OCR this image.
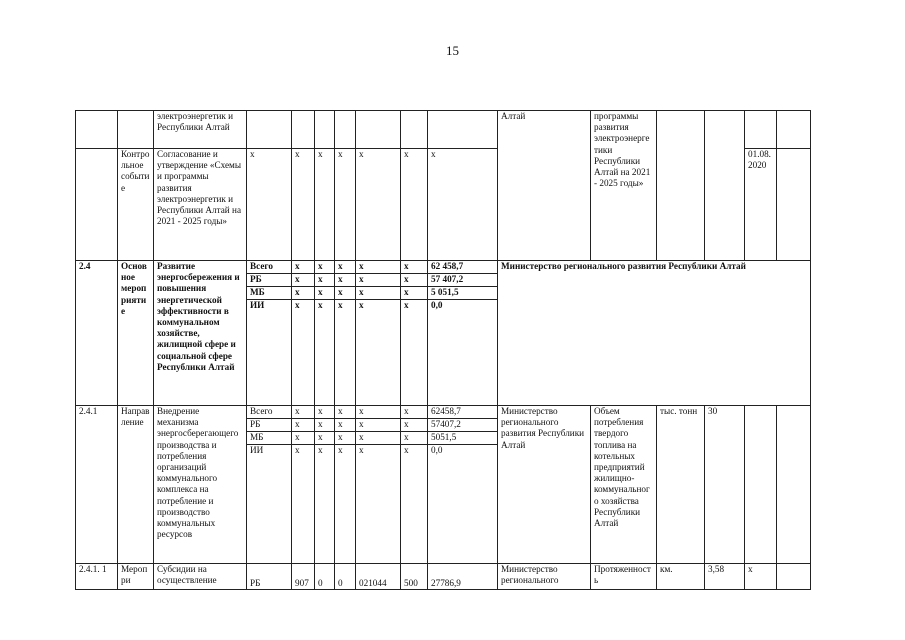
15
		электроэнергетик и Республики Алтай								Алтай	программы развития электроэнергетики Республики Алтай на 2021 - 2025 годы»				
	Контрольное событие	Согласование и утверждение «Схемы и программы развития электроэнергетик и Республики Алтай на 2021 - 2025 годы»	x	x	x	x	x	x	x					01.08. 2020	
2.4	Основное мероприятие	Развитие энергосбережения и повышения энергетической эффективности в коммунальном хозяйстве, жилищной сфере и социальной сфере Республики Алтай	Всего	x	x	x	x	x	62 458,7	Министерство регионального развития Республики Алтай					
			РБ	x	x	x	x	x	57 407,2						
			МБ	x	x	x	x	x	5 051,5						
			ИИ	x	x	x	x	x	0,0						
2.4.1	Направление	Внедрение механизма энергосберегающего производства и потребления организаций коммунального комплекса на потребление и производство коммунальных ресурсов	Всего	x	x	x	x	x	62458,7	Министерство регионального развития Республики Алтай	Объем потребления твердого топлива на котельных предприятий жилищно-коммунального хозяйства Республики Алтай	тыс. тонн	30		
			РБ	x	x	x	x	x	57407,2						
			МБ	x	x	x	x	x	5051,5						
			ИИ	x	x	x	x	x	0,0						
2.4.1. 1	Меропри	Субсидии на осуществление	РБ	907	0	0	021044	500	27786,9	Министерство регионального	Протяженность	км.	3,58	x	
